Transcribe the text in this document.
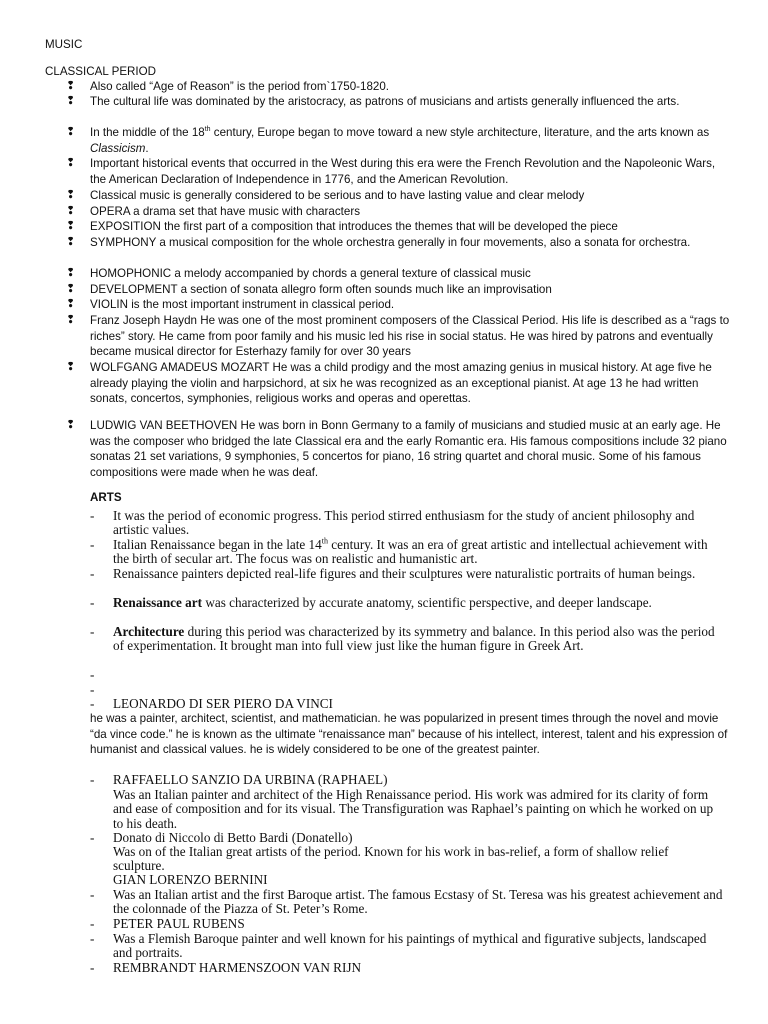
MUSIC
CLASSICAL PERIOD
❢ Also called “Age of Reason” is the period from`1750-1820.
❢ The cultural life was dominated by the aristocracy, as patrons of musicians and artists generally influenced the arts.
❢ In the middle of the 18th century, Europe began to move toward a new style architecture, literature, and the arts known as Classicism.
❢ Important historical events that occurred in the West during this era were the French Revolution and the Napoleonic Wars, the American Declaration of Independence in 1776, and the American Revolution.
❢ Classical music is generally considered to be serious and to have lasting value and clear melody
❢ OPERA a drama set that have music with characters
❢ EXPOSITION the first part of a composition that introduces the themes that will be developed the piece
❢ SYMPHONY a musical composition for the whole orchestra generally in four movements, also a sonata for orchestra.
❢ HOMOPHONIC a melody accompanied by chords a general texture of classical music
❢ DEVELOPMENT a section of sonata allegro form often sounds much like an improvisation
❢ VIOLIN is the most important instrument in classical period.
❢ Franz Joseph Haydn He was one of the most prominent composers of the Classical Period. His life is described as a “rags to riches” story. He came from poor family and his music led his rise in social status. He was hired by patrons and eventually became musical director for Esterhazy family for over 30 years
❢ WOLFGANG AMADEUS MOZART He was a child prodigy and the most amazing genius in musical history. At age five he already playing the violin and harpsichord, at six he was recognized as an exceptional pianist. At age 13 he had written sonats, concertos, symphonies, religious works and operas and operettas.
❢ LUDWIG VAN BEETHOVEN He was born in Bonn Germany to a family of musicians and studied music at an early age. He was the composer who bridged the late Classical era and the early Romantic era. His famous compositions include 32 piano sonatas 21 set variations, 9 symphonies, 5 concertos for piano, 16 string quartet and choral music. Some of his famous compositions were made when he was deaf.
ARTS
- It was the period of economic progress. This period stirred enthusiasm for the study of ancient philosophy and artistic values.
- Italian Renaissance began in the late 14th century. It was an era of great artistic and intellectual achievement with the birth of secular art. The focus was on realistic and humanistic art.
- Renaissance painters depicted real-life figures and their sculptures were naturalistic portraits of human beings.
- Renaissance art was characterized by accurate anatomy, scientific perspective, and deeper landscape.
- Architecture during this period was characterized by its symmetry and balance. In this period also was the period of experimentation. It brought man into full view just like the human figure in Greek Art.
-
-
- LEONARDO DI SER PIERO DA VINCI
he was a painter, architect, scientist, and mathematician. he was popularized in present times through the novel and movie “da vince code.” he is known as the ultimate “renaissance man” because of his intellect, interest, talent and his expression of humanist and classical values. he is widely considered to be one of the greatest painter.
- RAFFAELLO SANZIO DA URBINA (RAPHAEL)
Was an Italian painter and architect of the High Renaissance period. His work was admired for its clarity of form and ease of composition and for its visual. The Transfiguration was Raphael’s painting on which he worked on up to his death.
- Donato di Niccolo di Betto Bardi (Donatello)
Was on of the Italian great artists of the period. Known for his work in bas-relief, a form of shallow relief sculpture.
GIAN LORENZO BERNINI
- Was an Italian artist and the first Baroque artist. The famous Ecstasy of St. Teresa was his greatest achievement and the colonnade of the Piazza of St. Peter’s Rome.
- PETER PAUL RUBENS
- Was a Flemish Baroque painter and well known for his paintings of mythical and figurative subjects, landscaped and portraits.
- REMBRANDT HARMENSZOON VAN RIJN
